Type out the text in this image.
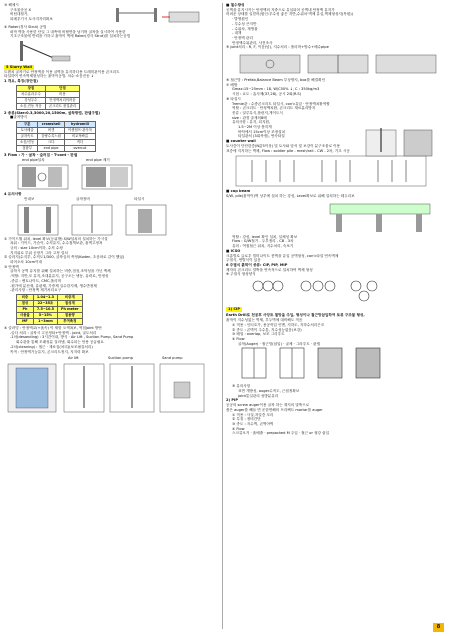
③ 해체시
구조물준공 X
버팀대철거,
되메우기시 토사지지력확보
④ Raker(경사 Strut) 공법
퍼막 벽을 사용한 단일 그 내측에 비탈면을 남기며 굴착을 실시하여 사용한
기초구조물에 반력을 가하고 흙막이 벽에 Raker(경사 Strut)를 설치하는공법
5 Slurry Wall
트렌치 굴착기로 안정액을 이용 굴벽을 유지하다용 트레미관이용 콘크리트
타설하여 연속벽체형성하는 흙막이공법. 차수·소음진동 ↓
1 개요, 특징(장단점)
장점	단점
차수효과우수	비용
강성우수	안정액처리어려움
소음,진동 적음	콘크리트 품질관리
2 종류(Size:0.3,3000,20,1500m, 굴착방법, 판넬구별)
■굴착방식
구분	cramshell	hydromill
토사배출	버켓	이센펌프·관속착
굴착속도	감량수록느림	비교적빠름
소음/진동	크다	적다
접합부	end pipe	overcut
3 Flow : 가 - 굴착 - 슬러짐 - T-cont - 판넬
end pipe설치	end pipe 제거
4 유의사항
안내보	굴착장비	타설시
① 가이드월 위치, level 확보(등위밖) S/W설치의 설치하는 가시설
폭위 : 가이드, 가슴이, 수직유지, 수수첩책보관, 흙벽고정져
규의 : size 10cm이하, 수직 수평
지지위로 부위 공장기 그라 고정 설치
② 슬러지(수지부, 수직도1/300, 굴착심의 측정(Koden, 초음파로 같이 했었)
되어오차 10cm이내
③ 안정액
굴착시 공벽 유지를 위해 설치하는 비중,점성,조막성을 가닌 액체
-역할: 지반,모 유지,조대분유지, 공구오는 냉동, 퓨력로, 안정성
-종류 : 벤토나이트, CMC,폴리머
-원가에 분산재, 유판제, 가중제 실수한지제, 생수반정제
-관리사항 : 안정액 재기처리요구
비중	1.04~1.3	비중계
점성	22~35초	점성계
Ph	7.5~10.5	Ph meter
사용율	5~15%	점용량
MF	1~3mm	투여측정
④ 슬러밍 : 안정액교(+흙속) 이 세항 오색폭보, 역침joint 방안
-슬다 처리 : 굴착시 고공정타+안정액 - joint, 굴도처리
-1차(desanding) : 3시간이내, 방식 · Air Lift , Suction Pump, Sand Pump
회수관을 통해 모래성분 걸러냄, 회수되는 안용 공급필요
-2차(cleaning) : 철근 · 재료질(처리)(보조필질처리)
목적 : 안정액기능유지, 콘크리트정지, 지지력 확보
Air lift	Suction pump	Sand pump
■ 철수방성
공벽을 유지시키는 안정액의 지중으로 유실되어 공벽내 안정액 유지가
어려운 상태를 일컫어(원인:투수성 좋은 지반,수위차·벽체 유실,벽체형성지(목원))
· 발생원인
- 투수성 큰지반
- 수위차, 재생률
- 대책
· 안정액 관리
안정액수위관리, 사전조사
⑤ joint처리 : R, F, 이음(넘), 지수처리 : 폴리머+방수+배수pipe
⑥ 철근망 : Prefab,Balance Beam 부상방지, box를 해결확인
⑦ 배합
Gmax:15~25mm : 18, W/C50% ↓, C : 350kg/m3
시험 : 요도 : 흡사제(37,28), 공시 2회(R.S)
⑧ 타설시
Tremie관 : 수중콘크리트 타설시, con'c유압 · 안정액치환역할
역할 : 콘크리트 · 안정액치환, 콘크리트 재료분리방지
종류 : 알루무식,플런저,게이트식
size : 관경 골재의8배
유의사항 : 유지, 되지원,
1.5~2M 이상 묻히게
바닥에서 15cm이상 조정설치
타설관처 (3회측정), 연속타설
■ counter wall
토사층이 단단한층(N값5이상) 및 토사와 암석 및 보강이 분구조물로 이용
표층에 지지하는 벽체, Flow : soldier pile - mesh/rail - CW - 2차, 기초 시공
■ cap beam
S/W, pile(흙막이)벽 상부에 설치 하는 강성, Level확보로 위해 설치하는 테두리보
역할 : 강성, level 확인 설치, 일체성 확보
Flow : G/W철거 - 두부정리 - CB - 3차
유의 : 여접철근 위치, 지수처리, 숙보기
■ ICSO
크롬벌로 글로우 빌미나이트 풍벽을 유입 공벽형성, con'c타설 연속벽체
주열식, 연발식이 있음
6 주열식 흙막이 종류: CIP, PIP, MIP
제자리 콘크리트 말뚝을 연속적으로 설치하여 벽체 형성
※ 주열식 형성양식
1) CIP
Earth Drill로 천공후 사앙트 철망을 주입, 형성이나 철근망삽입하여 토류 구조물 형성,
흙막이 지수성없는 벽체, 부두벽체 대비해도 적음
① 적용 : 인터호가, 용공작업 인맨, 지하도, 지하수처리곤꼬
② 종도 : 콘벽이 주수통, 지수성능없음(보강)
③ 배열 : overlap, 보조 그리우트
④ Flow
굴착(Auger) · 철근망(삽입) · 굴체 · 그라우트 · 판넬
⑤ 유의사항
표면 개방성, auger수직도, 근접정확보
joint통일관리 성방분유리
2) PIP
공공의 screw auger이용 굴착 하는 재지의 말뚝으로
좁은 auger를 빼들 면 운한면해의 프리팩트 mortar를 auger
① 적용 : 사질,자갈층 모리
② 특징 : 정비간단
③ 종도 : 지수벽, 콘벽아벽
④ Flow
스크류오거 · 흙배출 · prepacked M 주입 · 철근 or 형강 삽입
8
